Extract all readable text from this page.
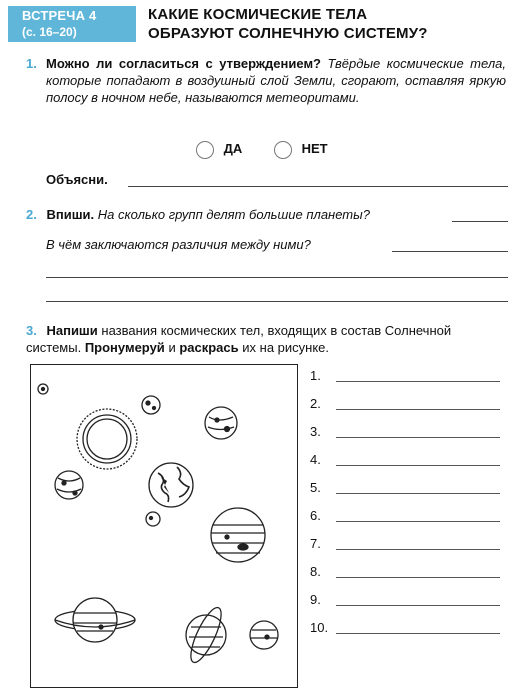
ВСТРЕЧА 4
(с. 16–20)
КАКИЕ КОСМИЧЕСКИЕ ТЕЛА
ОБРАЗУЮТ СОЛНЕЧНУЮ СИСТЕМУ?
1. Можно ли согласиться с утверждением? Твёрдые космические тела, которые попадают в воздушный слой Земли, сгорают, оставляя яркую полосу в ночном небе, называются метеоритами.
ДА	НЕТ
Объясни.
2. Впиши. На сколько групп делят большие планеты?
В чём заключаются различия между ними?
3. Напиши названия космических тел, входящих в состав Солнечной системы. Пронумеруй и раскрась их на рисунке.
1.
2.
3.
4.
5.
6.
7.
8.
9.
10.
